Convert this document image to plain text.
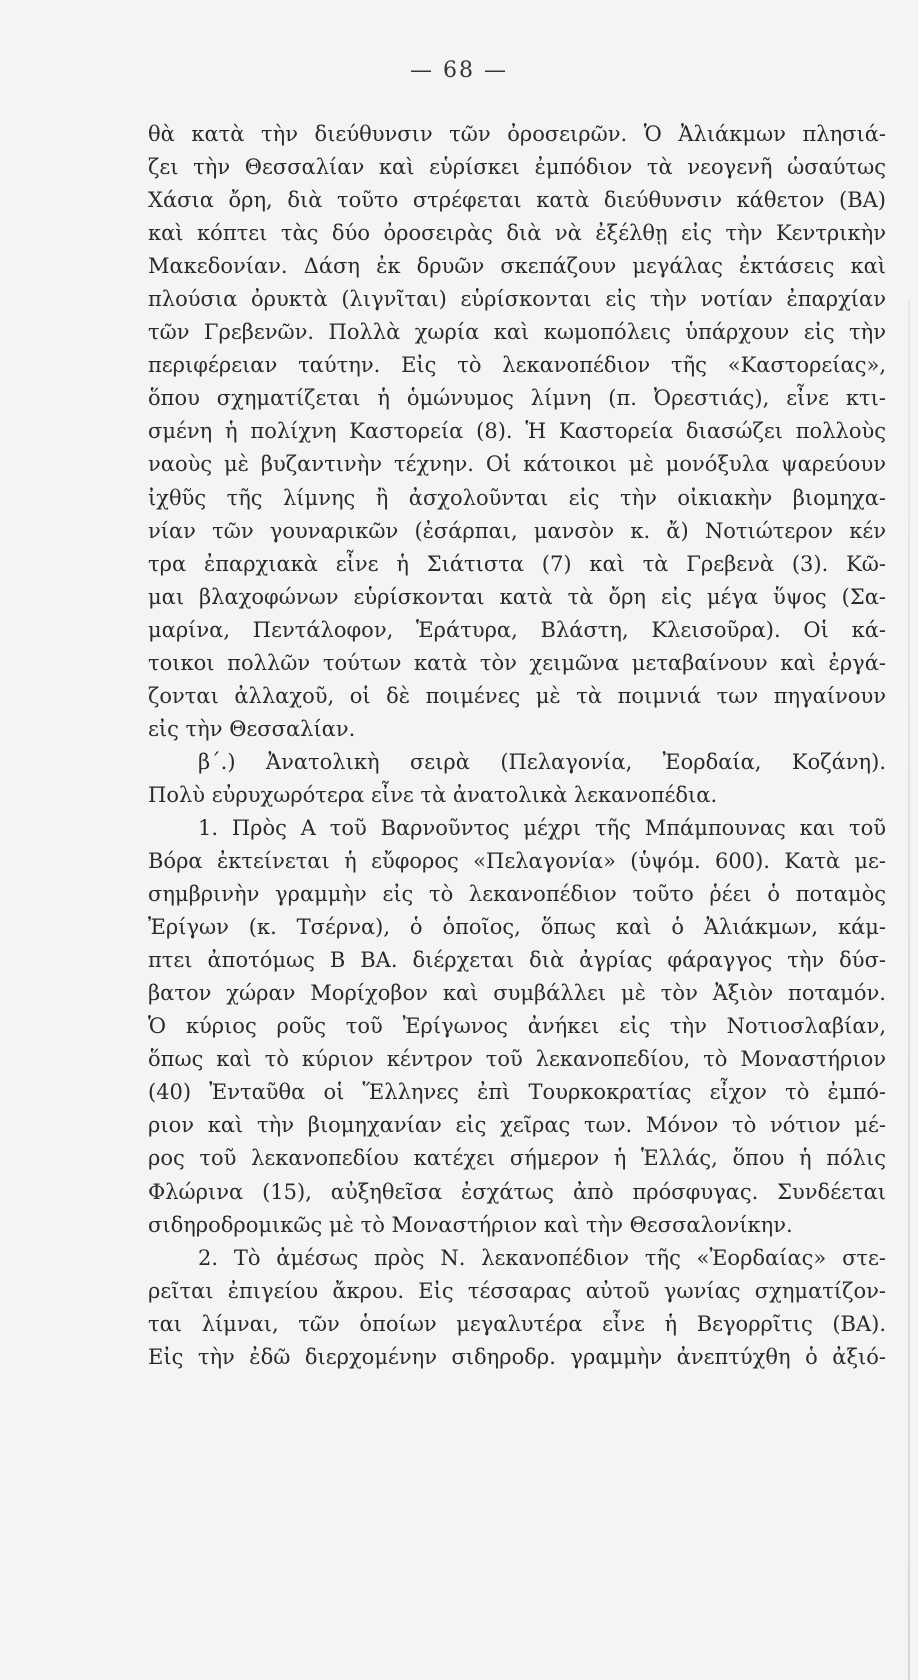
— 68 —
θὰ κατὰ τὴν διεύθυνσιν τῶν ὀροσειρῶν. Ὁ Ἀλιάκμων πλησιά-
ζει τὴν Θεσσαλίαν καὶ εὑρίσκει ἐμπόδιον τὰ νεογενῆ ὡσαύτως
Χάσια ὄρη, διὰ τοῦτο στρέφεται κατὰ διεύθυνσιν κάθετον (ΒΑ)
καὶ κόπτει τὰς δύο ὀροσειρὰς διὰ νὰ ἐξέλθῃ εἰς τὴν Κεντρικὴν
Μακεδονίαν. Δάση ἐκ δρυῶν σκεπάζουν μεγάλας ἐκτάσεις καὶ
πλούσια ὀρυκτὰ (λιγνῖται) εὑρίσκονται εἰς τὴν νοτίαν ἐπαρχίαν
τῶν Γρεβενῶν. Πολλὰ χωρία καὶ κωμοπόλεις ὑπάρχουν εἰς τὴν
περιφέρειαν ταύτην. Εἰς τὸ λεκανοπέδιον τῆς «Καστορείας»,
ὅπου σχηματίζεται ἡ ὁμώνυμος λίμνη (π. Ὀρεστιάς), εἶνε κτι-
σμένη ἡ πολίχνη Καστορεία (8). Ἡ Καστορεία διασώζει πολλοὺς
ναοὺς μὲ βυζαντινὴν τέχνην. Οἱ κάτοικοι μὲ μονόξυλα ψαρεύουν
ἰχθῦς τῆς λίμνης ἢ ἀσχολοῦνται εἰς τὴν οἰκιακὴν βιομηχα-
νίαν τῶν γουναρικῶν (ἐσάρπαι, μανσὸν κ. ἄ) Νοτιώτερον κέν
τρα ἐπαρχιακὰ εἶνε ἡ Σιάτιστα (7) καὶ τὰ Γρεβενὰ (3). Κῶ-
μαι βλαχοφώνων εὑρίσκονται κατὰ τὰ ὄρη εἰς μέγα ὕψος (Σα-
μαρίνα, Πεντάλοφον, Ἑράτυρα, Βλάστη, Κλεισοῦρα). Οἱ κά-
τοικοι πολλῶν τούτων κατὰ τὸν χειμῶνα μεταβαίνουν καὶ ἐργά-
ζονται ἀλλαχοῦ, οἱ δὲ ποιμένες μὲ τὰ ποιμνιά των πηγαίνουν
εἰς τὴν Θεσσαλίαν.
β΄.) Ἀνατολικὴ σειρὰ (Πελαγονία, Ἐορδαία, Κοζάνη).
Πολὺ εὐρυχωρότερα εἶνε τὰ ἀνατολικὰ λεκανοπέδια.
1. Πρὸς Α τοῦ Βαρνοῦντος μέχρι τῆς Μπάμπουνας και τοῦ
Βόρα ἐκτείνεται ἡ εὔφορος «Πελαγονία» (ὑψόμ. 600). Κατὰ με-
σημβρινὴν γραμμὴν εἰς τὸ λεκανοπέδιον τοῦτο ῥέει ὁ ποταμὸς
Ἐρίγων (κ. Τσέρνα), ὁ ὁποῖος, ὅπως καὶ ὁ Ἀλιάκμων, κάμ-
πτει ἀποτόμως Β ΒΑ. διέρχεται διὰ ἀγρίας φάραγγος τὴν δύσ-
βατον χώραν Μορίχοβον καὶ συμβάλλει μὲ τὸν Ἀξιὸν ποταμόν.
Ὁ κύριος ροῦς τοῦ Ἐρίγωνος ἀνήκει εἰς τὴν Νοτιοσλαβίαν,
ὅπως καὶ τὸ κύριον κέντρον τοῦ λεκανοπεδίου, τὸ Μοναστήριον
(40) Ἐνταῦθα οἱ Ἕλληνες ἐπὶ Τουρκοκρατίας εἶχον τὸ ἐμπό-
ριον καὶ τὴν βιομηχανίαν εἰς χεῖρας των. Μόνον τὸ νότιον μέ-
ρος τοῦ λεκανοπεδίου κατέχει σήμερον ἡ Ἑλλάς, ὅπου ἡ πόλις
Φλώρινα (15), αὐξηθεῖσα ἐσχάτως ἀπὸ πρόσφυγας. Συνδέεται
σιδηροδρομικῶς μὲ τὸ Μοναστήριον καὶ τὴν Θεσσαλονίκην.
2. Τὸ ἀμέσως πρὸς Ν. λεκανοπέδιον τῆς «Ἐορδαίας» στε-
ρεῖται ἐπιγείου ἄκρου. Εἰς τέσσαρας αὐτοῦ γωνίας σχηματίζον-
ται λίμναι, τῶν ὁποίων μεγαλυτέρα εἶνε ἡ Βεγορρῖτις (ΒΑ).
Εἰς τὴν ἐδῶ διερχομένην σιδηροδρ. γραμμὴν ἀνεπτύχθη ὁ ἀξιό-
